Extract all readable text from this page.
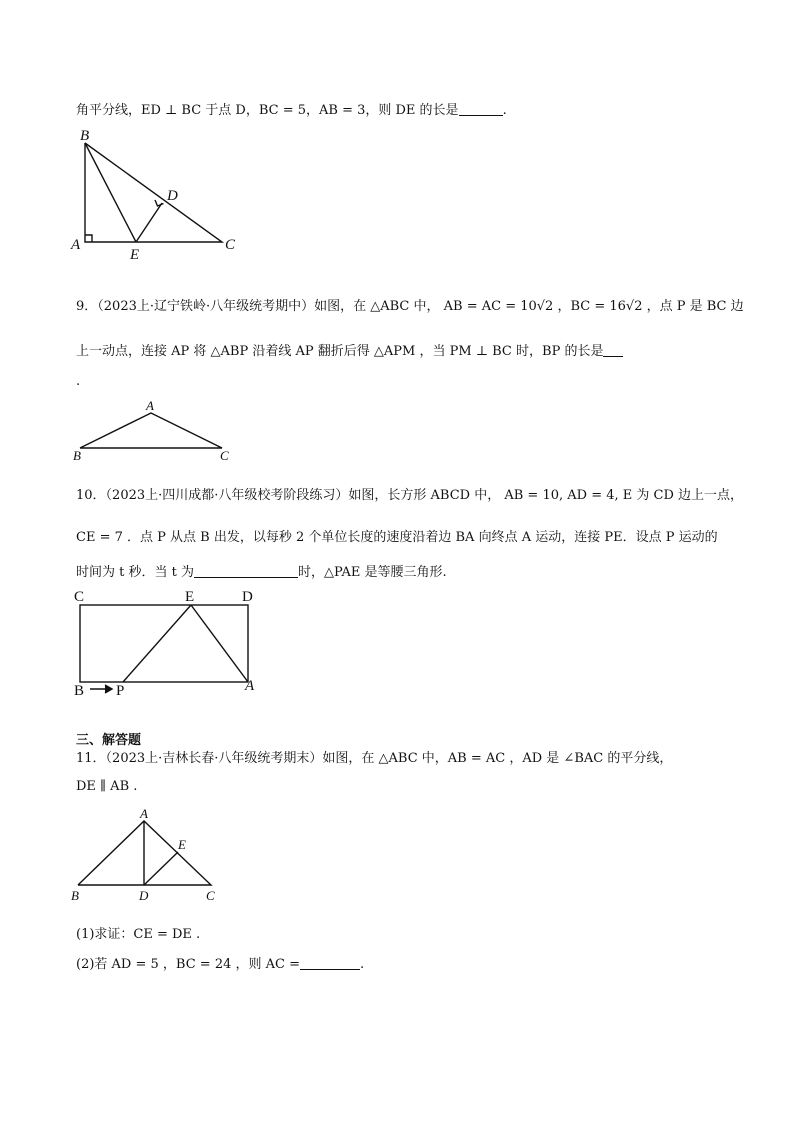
角平分线，ED ⊥ BC 于点 D，BC = 5，AB = 3，则 DE 的长是	.
B
D
A
E
C
9．（2023上·辽宁铁岭·八年级统考期中）如图，在 △ABC 中， AB = AC = 10√2 ，BC = 16√2 ，点 P 是 BC 边
上一动点，连接 AP 将 △ABP 沿着线 AP 翻折后得 △APM ，当 PM ⊥ BC 时，BP 的长是
.
A
B	C
10．（2023上·四川成都·八年级校考阶段练习）如图，长方形 ABCD 中， AB = 10, AD = 4, E 为 CD 边上一点，
CE = 7 ．点 P 从点 B 出发，以每秒 2 个单位长度的速度沿着边 BA 向终点 A 运动，连接 PE．设点 P 运动的
时间为 t 秒．当 t 为	时，△PAE 是等腰三角形.
C	E	D
B P	A
三、解答题
11．（2023上·吉林长春·八年级统考期末）如图，在 △ABC 中，AB = AC ，AD 是 ∠BAC 的平分线，
DE ∥ AB .
A
E
B	D	C
(1)求证：CE = DE .
(2)若 AD = 5 ，BC = 24 ，则 AC =	.
